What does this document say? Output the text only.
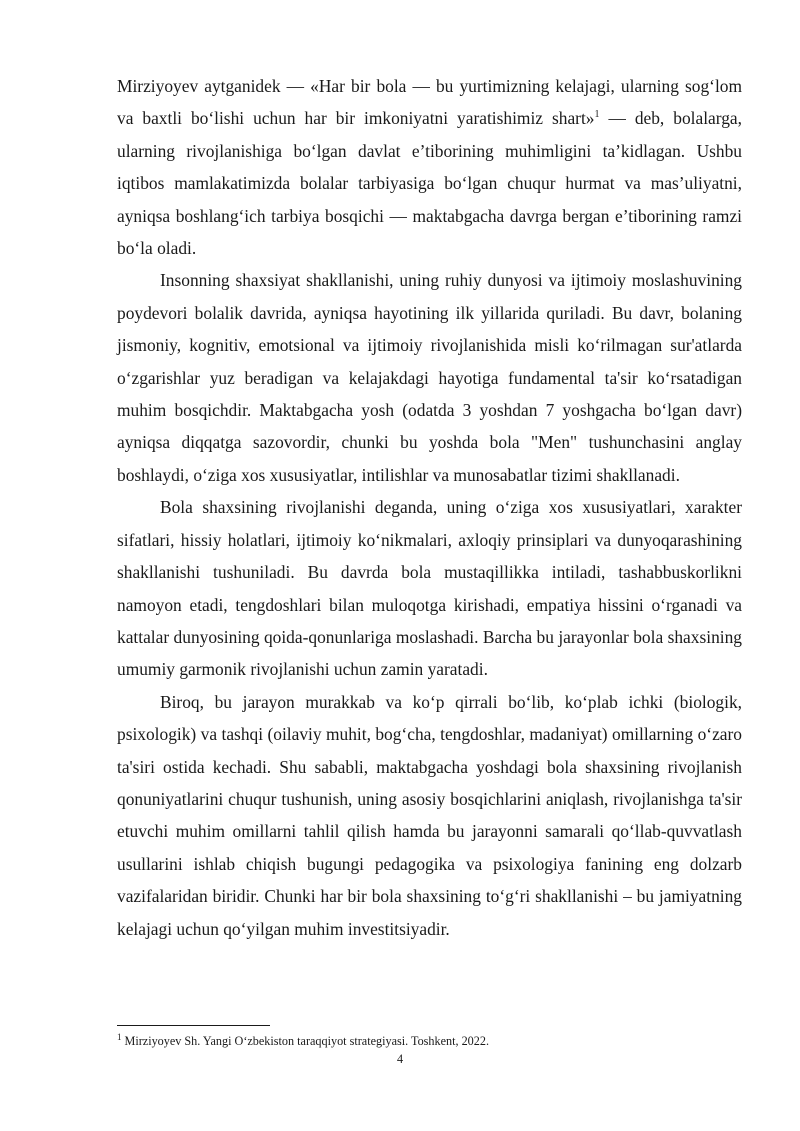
Mirziyoyev aytganidek — «Har bir bola — bu yurtimizning kelajagi, ularning sog‘lom va baxtli bo‘lishi uchun har bir imkoniyatni yaratishimiz shart»$^1$ — deb, bolalarga, ularning rivojlanishiga bo‘lgan davlat e’tiborining muhimligini ta’kidlagan. Ushbu iqtibos mamlakatimizda bolalar tarbiyasiga bo‘lgan chuqur hurmat va mas’uliyatni, ayniqsa boshlang‘ich tarbiya bosqichi — maktabgacha davrga bergan e’tiborining ramzi bo‘la oladi.

Insonning shaxsiyat shakllanishi, uning ruhiy dunyosi va ijtimoiy moslashuvining poydevori bolalik davrida, ayniqsa hayotining ilk yillarida quriladi. Bu davr, bolaning jismoniy, kognitiv, emotsional va ijtimoiy rivojlanishida misli ko‘rilmagan sur'atlarda o‘zgarishlar yuz beradigan va kelajakdagi hayotiga fundamental ta'sir ko‘rsatadigan muhim bosqichdir. Maktabgacha yosh (odatda 3 yoshdan 7 yoshgacha bo‘lgan davr) ayniqsa diqqatga sazovordir, chunki bu yoshda bola "Men" tushunchasini anglay boshlaydi, o‘ziga xos xususiyatlar, intilishlar va munosabatlar tizimi shakllanadi.

Bola shaxsining rivojlanishi deganda, uning o‘ziga xos xususiyatlari, xarakter sifatlari, hissiy holatlari, ijtimoiy ko‘nikmalari, axloqiy prinsiplari va dunyoqarashining shakllanishi tushuniladi. Bu davrda bola mustaqillikka intiladi, tashabbuskorlikni namoyon etadi, tengdoshlari bilan muloqotga kirishadi, empatiya hissini o‘rganadi va kattalar dunyosining qoida-qonunlariga moslashadi. Barcha bu jarayonlar bola shaxsining umumiy garmonik rivojlanishi uchun zamin yaratadi.

Biroq, bu jarayon murakkab va ko‘p qirrali bo‘lib, ko‘plab ichki (biologik, psixologik) va tashqi (oilaviy muhit, bog‘cha, tengdoshlar, madaniyat) omillarning o‘zaro ta'siri ostida kechadi. Shu sababli, maktabgacha yoshdagi bola shaxsining rivojlanish qonuniyatlarini chuqur tushunish, uning asosiy bosqichlarini aniqlash, rivojlanishga ta'sir etuvchi muhim omillarni tahlil qilish hamda bu jarayonni samarali qo‘llab-quvvatlash usullarini ishlab chiqish bugungi pedagogika va psixologiya fanining eng dolzarb vazifalaridan biridir. Chunki har bir bola shaxsining to‘g‘ri shakllanishi – bu jamiyatning kelajagi uchun qo‘yilgan muhim investitsiyadir.

$^1$ Mirziyoyev Sh. Yangi O‘zbekiston taraqqiyot strategiyasi. Toshkent, 2022.

4
